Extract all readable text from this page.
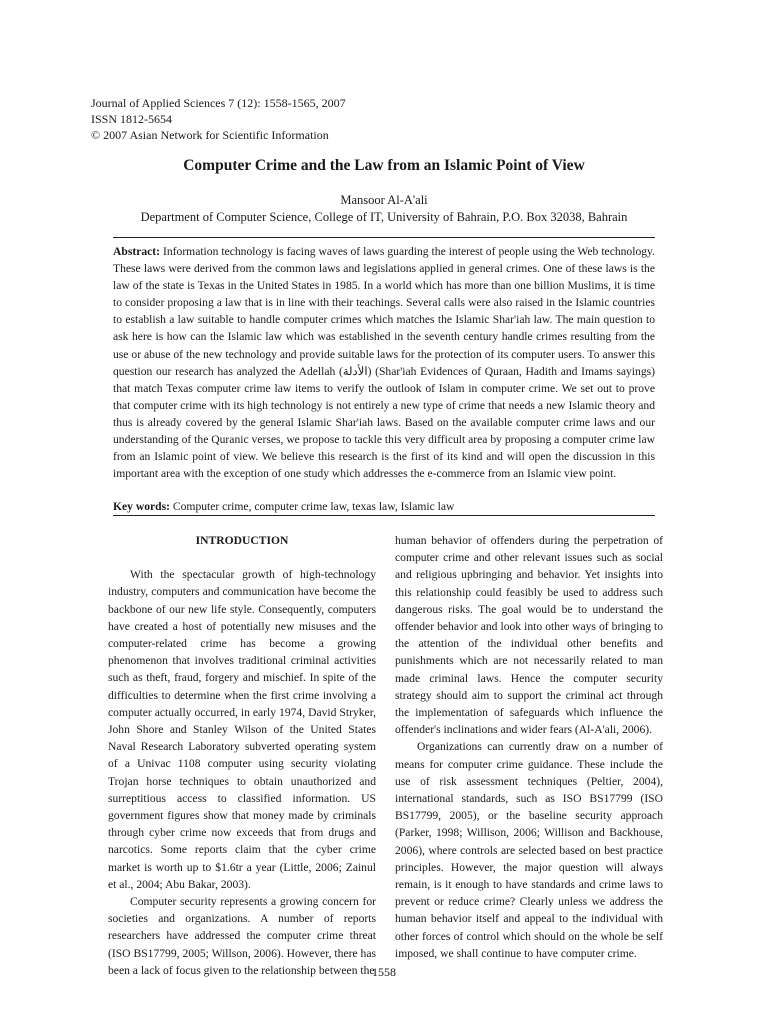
Journal of Applied Sciences 7 (12): 1558-1565, 2007
ISSN 1812-5654
© 2007 Asian Network for Scientific Information
Computer Crime and the Law from an Islamic Point of View
Mansoor Al-A'ali
Department of Computer Science, College of IT, University of Bahrain, P.O. Box 32038, Bahrain
Abstract: Information technology is facing waves of laws guarding the interest of people using the Web technology. These laws were derived from the common laws and legislations applied in general crimes. One of these laws is the law of the state is Texas in the United States in 1985. In a world which has more than one billion Muslims, it is time to consider proposing a law that is in line with their teachings. Several calls were also raised in the Islamic countries to establish a law suitable to handle computer crimes which matches the Islamic Shar'iah law. The main question to ask here is how can the Islamic law which was established in the seventh century handle crimes resulting from the use or abuse of the new technology and provide suitable laws for the protection of its computer users. To answer this question our research has analyzed the Adellah (الأدلة) (Shar'iah Evidences of Quraan, Hadith and Imams sayings) that match Texas computer crime law items to verify the outlook of Islam in computer crime. We set out to prove that computer crime with its high technology is not entirely a new type of crime that needs a new Islamic theory and thus is already covered by the general Islamic Shar'iah laws. Based on the available computer crime laws and our understanding of the Quranic verses, we propose to tackle this very difficult area by proposing a computer crime law from an Islamic point of view. We believe this research is the first of its kind and will open the discussion in this important area with the exception of one study which addresses the e-commerce from an Islamic view point.
Key words: Computer crime, computer crime law, texas law, Islamic law
INTRODUCTION

With the spectacular growth of high-technology industry, computers and communication have become the backbone of our new life style. Consequently, computers have created a host of potentially new misuses and the computer-related crime has become a growing phenomenon that involves traditional criminal activities such as theft, fraud, forgery and mischief. In spite of the difficulties to determine when the first crime involving a computer actually occurred, in early 1974, David Stryker, John Shore and Stanley Wilson of the United States Naval Research Laboratory subverted operating system of a Univac 1108 computer using security violating Trojan horse techniques to obtain unauthorized and surreptitious access to classified information. US government figures show that money made by criminals through cyber crime now exceeds that from drugs and narcotics. Some reports claim that the cyber crime market is worth up to $1.6tr a year (Little, 2006; Zainul et al., 2004; Abu Bakar, 2003).

Computer security represents a growing concern for societies and organizations. A number of reports researchers have addressed the computer crime threat (ISO BS17799, 2005; Willson, 2006). However, there has been a lack of focus given to the relationship between the

human behavior of offenders during the perpetration of computer crime and other relevant issues such as social and religious upbringing and behavior. Yet insights into this relationship could feasibly be used to address such dangerous risks. The goal would be to understand the offender behavior and look into other ways of bringing to the attention of the individual other benefits and punishments which are not necessarily related to man made criminal laws. Hence the computer security strategy should aim to support the criminal act through the implementation of safeguards which influence the offender's inclinations and wider fears (Al-A'ali, 2006).

Organizations can currently draw on a number of means for computer crime guidance. These include the use of risk assessment techniques (Peltier, 2004), international standards, such as ISO BS17799 (ISO BS17799, 2005), or the baseline security approach (Parker, 1998; Willison, 2006; Willison and Backhouse, 2006), where controls are selected based on best practice principles. However, the major question will always remain, is it enough to have standards and crime laws to prevent or reduce crime? Clearly unless we address the human behavior itself and appeal to the individual with other forces of control which should on the whole be self imposed, we shall continue to have computer crime.

1558
